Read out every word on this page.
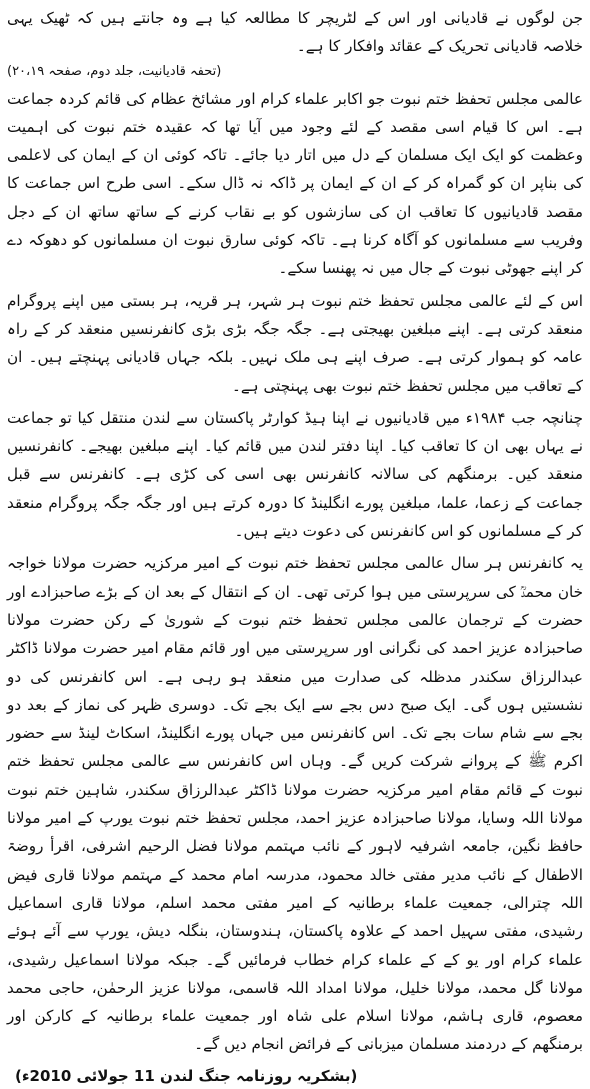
جن لوگوں نے قادیانی اور اس کے لٹریچر کا مطالعہ کیا ہے وہ جانتے ہیں کہ ٹھیک یہی خلاصہ قادیانی تحریک کے عقائد وافکار کا ہے۔

(تحفہ قادیانیت، جلد دوم، صفحہ ۲۰،۱۹)

عالمی مجلس تحفظ ختم نبوت جو اکابر علماء کرام اور مشائخ عظام کی قائم کردہ جماعت ہے۔ اس کا قیام اسی مقصد کے لئے وجود میں آیا تھا کہ عقیدہ ختم نبوت کی اہمیت وعظمت کو ایک ایک مسلمان کے دل میں اتار دیا جائے۔ تاکہ کوئی ان کے ایمان کی لاعلمی کی بناپر ان کو گمراہ کر کے ان کے ایمان پر ڈاکہ نہ ڈال سکے۔ اسی طرح اس جماعت کا مقصد قادیانیوں کا تعاقب ان کی سازشوں کو بے نقاب کرنے کے ساتھ ساتھ ان کے دجل وفریب سے مسلمانوں کو آگاہ کرنا ہے۔ تاکہ کوئی سارق نبوت ان مسلمانوں کو دھوکہ دے کر اپنے جھوٹی نبوت کے جال میں نہ پھنسا سکے۔

اس کے لئے عالمی مجلس تحفظ ختم نبوت ہر شہر، ہر قریہ، ہر بستی میں اپنے پروگرام منعقد کرتی ہے۔ اپنے مبلغین بھیجتی ہے۔ جگہ جگہ بڑی بڑی کانفرنسیں منعقد کر کے راہ عامہ کو ہموار کرتی ہے۔ صرف اپنے ہی ملک نہیں۔ بلکہ جہاں قادیانی پہنچتے ہیں۔ ان کے تعاقب میں مجلس تحفظ ختم نبوت بھی پہنچتی ہے۔

چنانچہ جب ۱۹۸۴ء میں قادیانیوں نے اپنا ہیڈ کوارٹر پاکستان سے لندن منتقل کیا تو جماعت نے یہاں بھی ان کا تعاقب کیا۔ اپنا دفتر لندن میں قائم کیا۔ اپنے مبلغین بھیجے۔ کانفرنسیں منعقد کیں۔ برمنگھم کی سالانہ کانفرنس بھی اسی کی کڑی ہے۔ کانفرنس سے قبل جماعت کے زعما، علما، مبلغین پورے انگلینڈ کا دورہ کرتے ہیں اور جگہ جگہ پروگرام منعقد کر کے مسلمانوں کو اس کانفرنس کی دعوت دیتے ہیں۔

یہ کانفرنس ہر سال عالمی مجلس تحفظ ختم نبوت کے امیر مرکزیہ حضرت مولانا خواجہ خان محمدؒ کی سرپرستی میں ہوا کرتی تھی۔ ان کے انتقال کے بعد ان کے بڑے صاحبزادے اور حضرت کے ترجمان عالمی مجلس تحفظ ختم نبوت کے شوریٰ کے رکن حضرت مولانا صاحبزادہ عزیز احمد کی نگرانی اور سرپرستی میں اور قائم مقام امیر حضرت مولانا ڈاکٹر عبدالرزاق سکندر مدظلہ کی صدارت میں منعقد ہو رہی ہے۔ اس کانفرنس کی دو نشستیں ہوں گی۔ ایک صبح دس بجے سے ایک بجے تک۔ دوسری ظہر کی نماز کے بعد دو بجے سے شام سات بجے تک۔ اس کانفرنس میں جہاں پورے انگلینڈ، اسکاٹ لینڈ سے حضور اکرم ﷺ کے پروانے شرکت کریں گے۔ وہاں اس کانفرنس سے عالمی مجلس تحفظ ختم نبوت کے قائم مقام امیر مرکزیہ حضرت مولانا ڈاکٹر عبدالرزاق سکندر، شاہین ختم نبوت مولانا اللہ وسایا، مولانا صاحبزادہ عزیز احمد، مجلس تحفظ ختم نبوت یورپ کے امیر مولانا حافظ نگین، جامعہ اشرفیہ لاہور کے نائب مہتمم مولانا فضل الرحیم اشرفی، اقرأ روضۃ الاطفال کے نائب مدیر مفتی خالد محمود، مدرسہ امام محمد کے مہتمم مولانا قاری فیض اللہ چترالی، جمعیت علماء برطانیہ کے امیر مفتی محمد اسلم، مولانا قاری اسماعیل رشیدی، مفتی سہیل احمد کے علاوہ پاکستان، ہندوستان، بنگلہ دیش، یورپ سے آئے ہوئے علماء کرام اور یو کے کے علماء کرام خطاب فرمائیں گے۔ جبکہ مولانا اسماعیل رشیدی، مولانا گل محمد، مولانا خلیل، مولانا امداد اللہ قاسمی، مولانا عزیز الرحمٰن، حاجی محمد معصوم، قاری ہاشم، مولانا اسلام علی شاہ اور جمعیت علماء برطانیہ کے کارکن اور برمنگھم کے دردمند مسلمان میزبانی کے فرائض انجام دیں گے۔

(بشکریہ روزنامہ جنگ لندن 11 جولائی 2010ء)
